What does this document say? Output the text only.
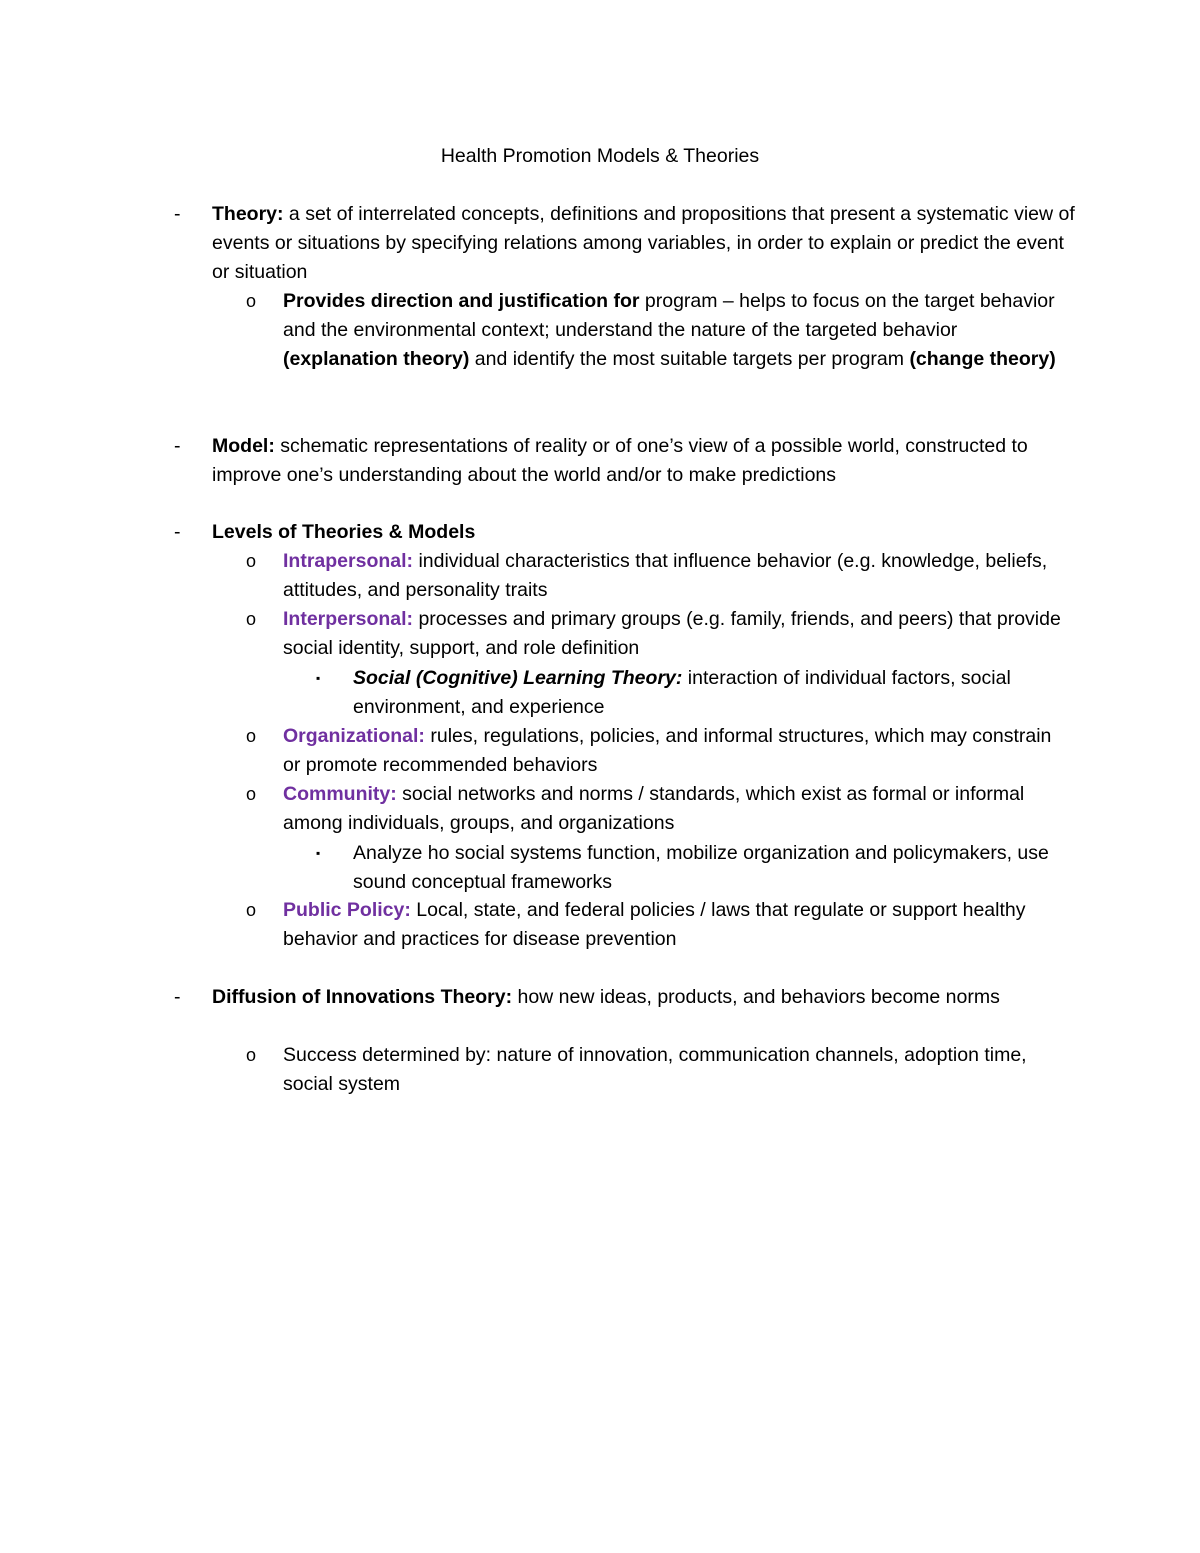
Health Promotion Models & Theories
-	Theory: a set of interrelated concepts, definitions and propositions that present a systematic view of events or situations by specifying relations among variables, in order to explain or predict the event or situation
o	Provides direction and justification for program – helps to focus on the target behavior and the environmental context; understand the nature of the targeted behavior (explanation theory) and identify the most suitable targets per program (change theory)
-	Model: schematic representations of reality or of one’s view of a possible world, constructed to improve one’s understanding about the world and/or to make predictions
-	Levels of Theories & Models
o	Intrapersonal: individual characteristics that influence behavior (e.g. knowledge, beliefs, attitudes, and personality traits
o	Interpersonal: processes and primary groups (e.g. family, friends, and peers) that provide social identity, support, and role definition
▪	Social (Cognitive) Learning Theory: interaction of individual factors, social environment, and experience
o	Organizational: rules, regulations, policies, and informal structures, which may constrain or promote recommended behaviors
o	Community: social networks and norms / standards, which exist as formal or informal among individuals, groups, and organizations
▪	Analyze ho social systems function, mobilize organization and policymakers, use sound conceptual frameworks
o	Public Policy: Local, state, and federal policies / laws that regulate or support healthy behavior and practices for disease prevention
-	Diffusion of Innovations Theory: how new ideas, products, and behaviors become norms
o	Success determined by: nature of innovation, communication channels, adoption time, social system
